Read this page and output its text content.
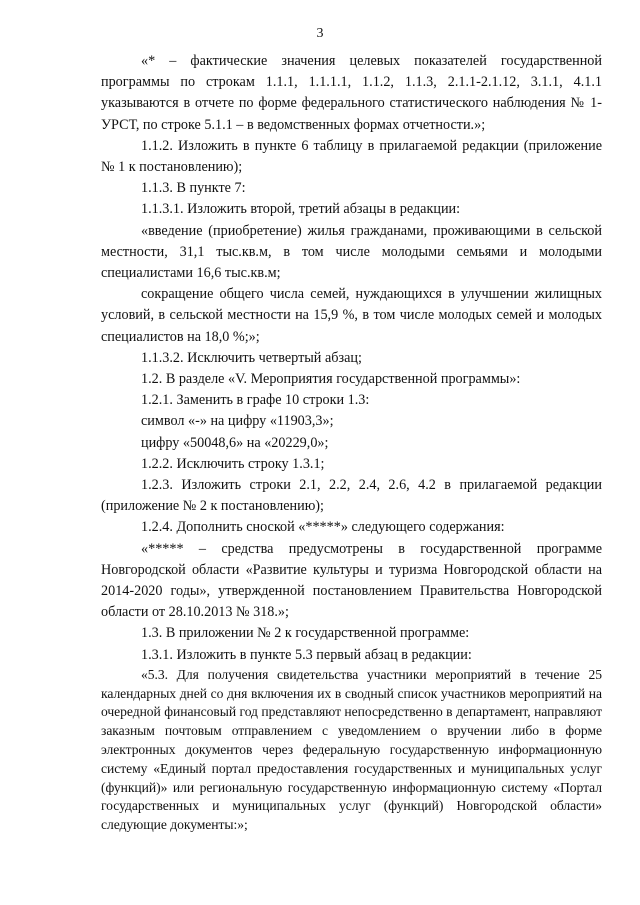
3

«* – фактические значения целевых показателей государственной программы по строкам 1.1.1, 1.1.1.1, 1.1.2, 1.1.3, 2.1.1-2.1.12, 3.1.1, 4.1.1 указываются в отчете по форме федерального статистического наблюдения № 1-УРСТ, по строке 5.1.1 – в ведомственных формах отчетности.»;

1.1.2. Изложить в пункте 6 таблицу в прилагаемой редакции (приложение № 1 к постановлению);

1.1.3. В пункте 7:

1.1.3.1. Изложить второй, третий абзацы в редакции:

«введение (приобретение) жилья гражданами, проживающими в сельской местности, 31,1 тыс.кв.м, в том числе молодыми семьями и молодыми специалистами 16,6 тыс.кв.м;

сокращение общего числа семей, нуждающихся в улучшении жилищных условий, в сельской местности на 15,9 %, в том числе молодых семей и молодых специалистов на 18,0 %;»;

1.1.3.2. Исключить четвертый абзац;

1.2. В разделе «V. Мероприятия государственной программы»:

1.2.1. Заменить в графе 10 строки 1.3:

символ «-» на цифру «11903,3»;

цифру «50048,6» на «20229,0»;

1.2.2. Исключить строку 1.3.1;

1.2.3. Изложить строки 2.1, 2.2, 2.4, 2.6, 4.2 в прилагаемой редакции (приложение № 2 к постановлению);

1.2.4. Дополнить сноской «*****» следующего содержания:

«***** – средства предусмотрены в государственной программе Новгородской области «Развитие культуры и туризма Новгородской области на 2014-2020 годы», утвержденной постановлением Правительства Новгородской области от 28.10.2013 № 318.»;

1.3. В приложении № 2 к государственной программе:

1.3.1. Изложить в пункте 5.3 первый абзац в редакции:

«5.3. Для получения свидетельства участники мероприятий в течение 25 календарных дней со дня включения их в сводный список участников мероприятий на очередной финансовый год представляют непосредственно в департамент, направляют заказным почтовым отправлением с уведомлением о вручении либо в форме электронных документов через федеральную государственную информационную систему «Единый портал предоставления государственных и муниципальных услуг (функций)» или региональную государственную информационную систему «Портал государственных и муниципальных услуг (функций) Новгородской области» следующие документы:»;
